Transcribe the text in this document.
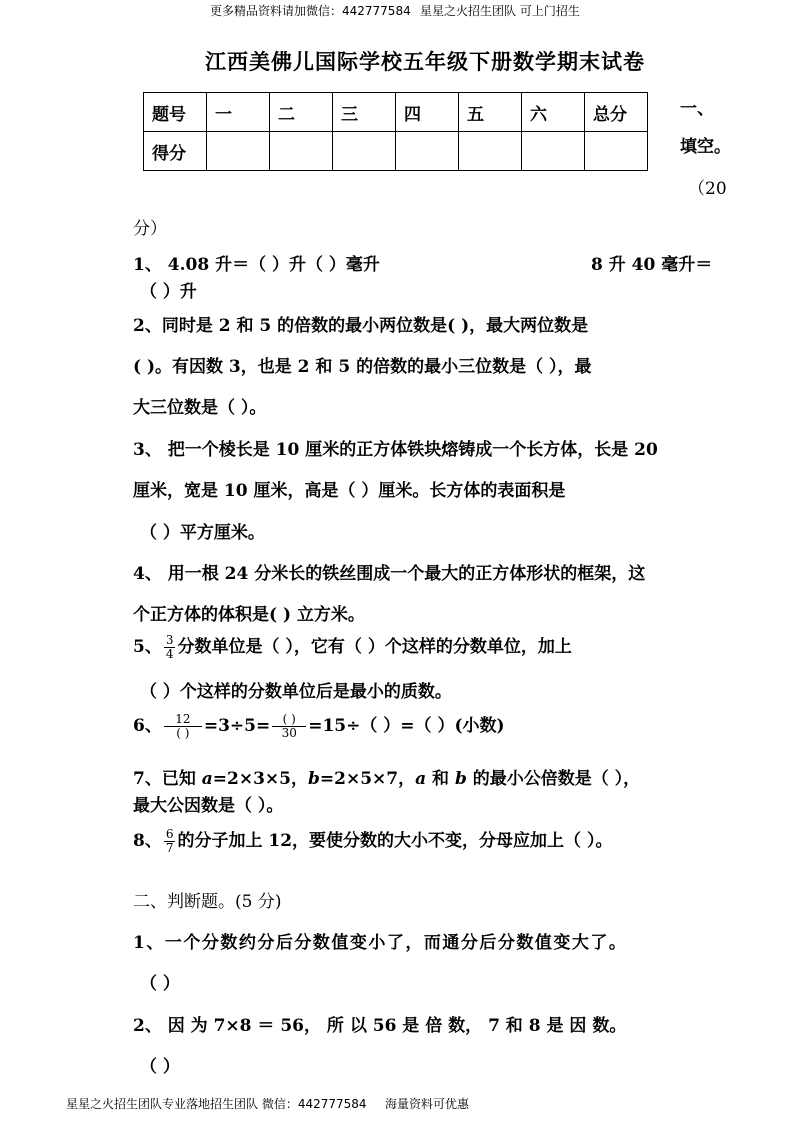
更多精品资料请加微信：442777584 星星之火招生团队 可上门招生
江西美佛儿国际学校五年级下册数学期末试卷
题号	一	二	三	四	五	六	总分
得分							
一、
填空。
（20
分）
1、 4.08 升＝（ ）升（ ）毫升	8 升 40 毫升＝
（ ）升
2、同时是 2 和 5 的倍数的最小两位数是( )，最大两位数是
( )。有因数 3，也是 2 和 5 的倍数的最小三位数是（ ），最
大三位数是（ ）。
3、 把一个棱长是 10 厘米的正方体铁块熔铸成一个长方体，长是 20
厘米，宽是 10 厘米，高是（ ）厘米。长方体的表面积是
（ ）平方厘米。
4、 用一根 24 分米长的铁丝围成一个最大的正方体形状的框架，这
个正方体的体积是( ) 立方米。
5、 $\frac{3}{4}$ 分数单位是（ ），它有（ ）个这样的分数单位，加上
（ ）个这样的分数单位后是最小的质数。
6、 $\frac{12}{( )} =3\div 5= \frac{( )}{30} =15\div$（ ）=（ ）(小数)
7、已知 a=2×3×5，b=2×5×7，a 和 b 的最小公倍数是（ ），
最大公因数是（ ）。
8、 $\frac{6}{7}$ 的分子加上 12，要使分数的大小不变，分母应加上（ ）。
二、判断题。(5 分)
1、一个分数约分后分数值变小了，而通分后分数值变大了。
（ ）
2、 因 为 7×8 ＝ 56， 所 以 56 是 倍 数， 7 和 8 是 因 数。
（ ）
星星之火招生团队专业落地招生团队 微信：442777584 海量资料可优惠
